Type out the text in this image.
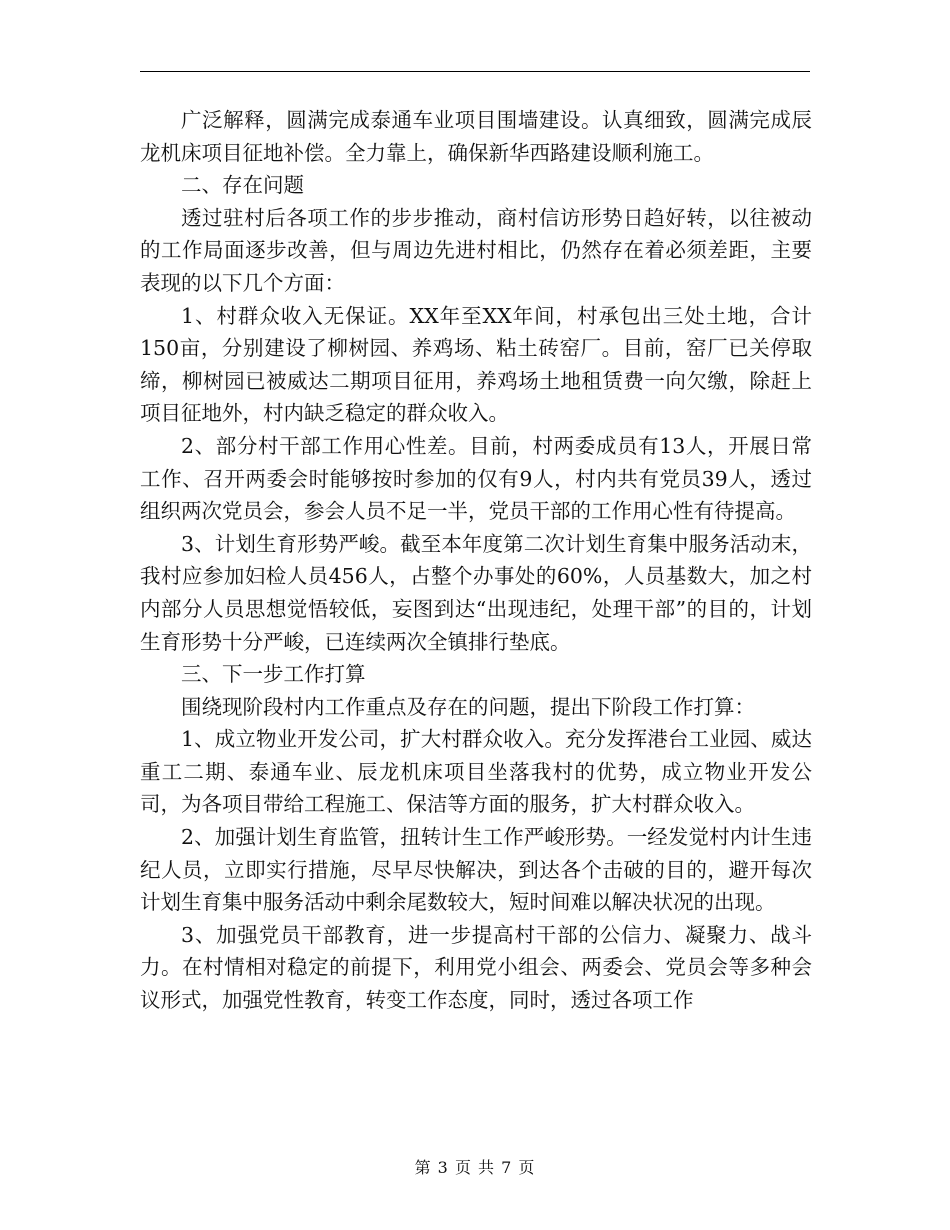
广泛解释，圆满完成泰通车业项目围墙建设。认真细致，圆满完成辰龙机床项目征地补偿。全力靠上，确保新华西路建设顺利施工。

二、存在问题

透过驻村后各项工作的步步推动，商村信访形势日趋好转，以往被动的工作局面逐步改善，但与周边先进村相比，仍然存在着必须差距，主要表现的以下几个方面：

1、村群众收入无保证。XX年至XX年间，村承包出三处土地，合计150亩，分别建设了柳树园、养鸡场、粘土砖窑厂。目前，窑厂已关停取缔，柳树园已被威达二期项目征用，养鸡场土地租赁费一向欠缴，除赶上项目征地外，村内缺乏稳定的群众收入。

2、部分村干部工作用心性差。目前，村两委成员有13人，开展日常工作、召开两委会时能够按时参加的仅有9人，村内共有党员39人，透过组织两次党员会，参会人员不足一半，党员干部的工作用心性有待提高。

3、计划生育形势严峻。截至本年度第二次计划生育集中服务活动末，我村应参加妇检人员456人，占整个办事处的60%，人员基数大，加之村内部分人员思想觉悟较低，妄图到达“出现违纪，处理干部”的目的，计划生育形势十分严峻，已连续两次全镇排行垫底。

三、下一步工作打算

围绕现阶段村内工作重点及存在的问题，提出下阶段工作打算：

1、成立物业开发公司，扩大村群众收入。充分发挥港台工业园、威达重工二期、泰通车业、辰龙机床项目坐落我村的优势，成立物业开发公司，为各项目带给工程施工、保洁等方面的服务，扩大村群众收入。

2、加强计划生育监管，扭转计生工作严峻形势。一经发觉村内计生违纪人员，立即实行措施，尽早尽快解决，到达各个击破的目的，避开每次计划生育集中服务活动中剩余尾数较大，短时间难以解决状况的出现。

3、加强党员干部教育，进一步提高村干部的公信力、凝聚力、战斗力。在村情相对稳定的前提下，利用党小组会、两委会、党员会等多种会议形式，加强党性教育，转变工作态度，同时，透过各项工作

第 3 页 共 7 页
